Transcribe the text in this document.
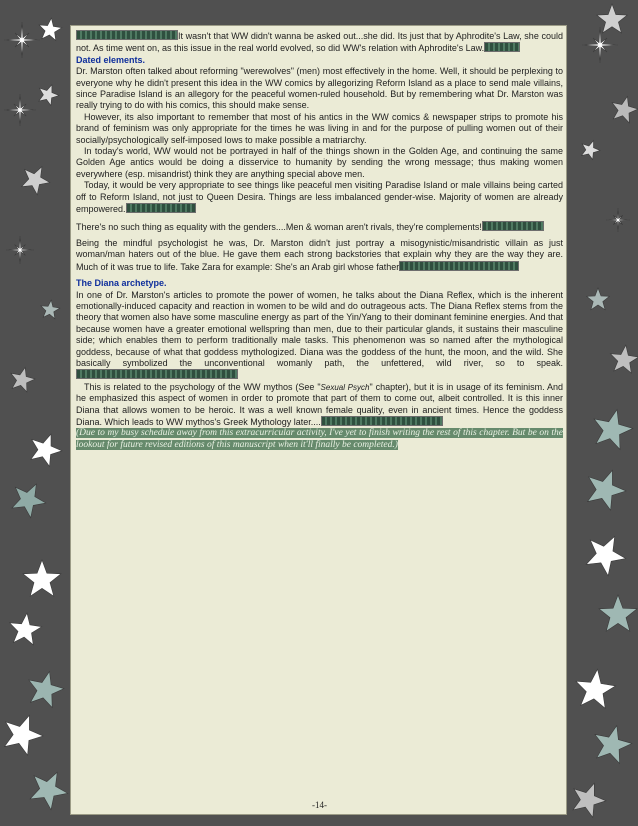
It wasn't that WW didn't wanna be asked out...she did. Its just that by Aphrodite's Law, she could not. As time went on, as this issue in the real world evolved, so did WW's relation with Aphrodite's Law.

Dated elements.

Dr. Marston often talked about reforming "werewolves" (men) most effectively in the home. Well, it should be perplexing to everyone why he didn't present this idea in the WW comics by allegorizing Reform Island as a place to send male villains, since Paradise Island is an allegory for the peaceful women-ruled household. But by remembering what Dr. Marston was really trying to do with his comics, this should make sense.

However, its also important to remember that most of his antics in the WW comics & newspaper strips to promote his brand of feminism was only appropriate for the times he was living in and for the purpose of pulling women out of their socially/psychologically self-imposed lows to make possible a matriarchy.

In today's world, WW would not be portrayed in half of the things shown in the Golden Age, and continuing the same Golden Age antics would be doing a disservice to humanity by sending the wrong message; thus making women everywhere (esp. misandrist) think they are anything special above men.

Today, it would be very appropriate to see things like peaceful men visiting Paradise Island or male villains being carted off to Reform Island, not just to Queen Desira. Things are less imbalanced gender-wise. Majority of women are already empowered.

There's no such thing as equality with the genders....Men & woman aren't rivals, they're complements!

Being the mindful psychologist he was, Dr. Marston didn't just portray a misogynistic/misandristic villain as just woman/man haters out of the blue. He gave them each strong backstories that explain why they are the way they are. Much of it was true to life. Take Zara for example: She's an Arab girl whose father

The Diana archetype.

In one of Dr. Marston's articles to promote the power of women, he talks about the Diana Reflex, which is the inherent emotionally-induced capacity and reaction in women to be wild and do outrageous acts. The Diana Reflex stems from the theory that women also have some masculine energy as part of the Yin/Yang to their dominant feminine energies. And that because women have a greater emotional wellspring than men, due to their particular glands, it sustains their masculine side; which enables them to perform traditionally male tasks. This phenomenon was so named after the mythological goddess, because of what that goddess mythologized. Diana was the goddess of the hunt, the moon, and the wild. She basically symbolized the unconventional womanly path, the unfettered, wild river, so to speak.

This is related to the psychology of the WW mythos (See "Sexual Psych" chapter), but it is in usage of its feminism. And he emphasized this aspect of women in order to promote that part of them to come out, albeit controlled. It is this inner Diana that allows women to be heroic. It was a well known female quality, even in ancient times. Hence the goddess Diana. Which leads to WW mythos's Greek Mythology later....

(Due to my busy schedule away from this extracurricular activity, I've yet to finish writing the rest of this chapter. But be on the lookout for future revised editions of this manuscript when it'll finally be completed.)

-14-
